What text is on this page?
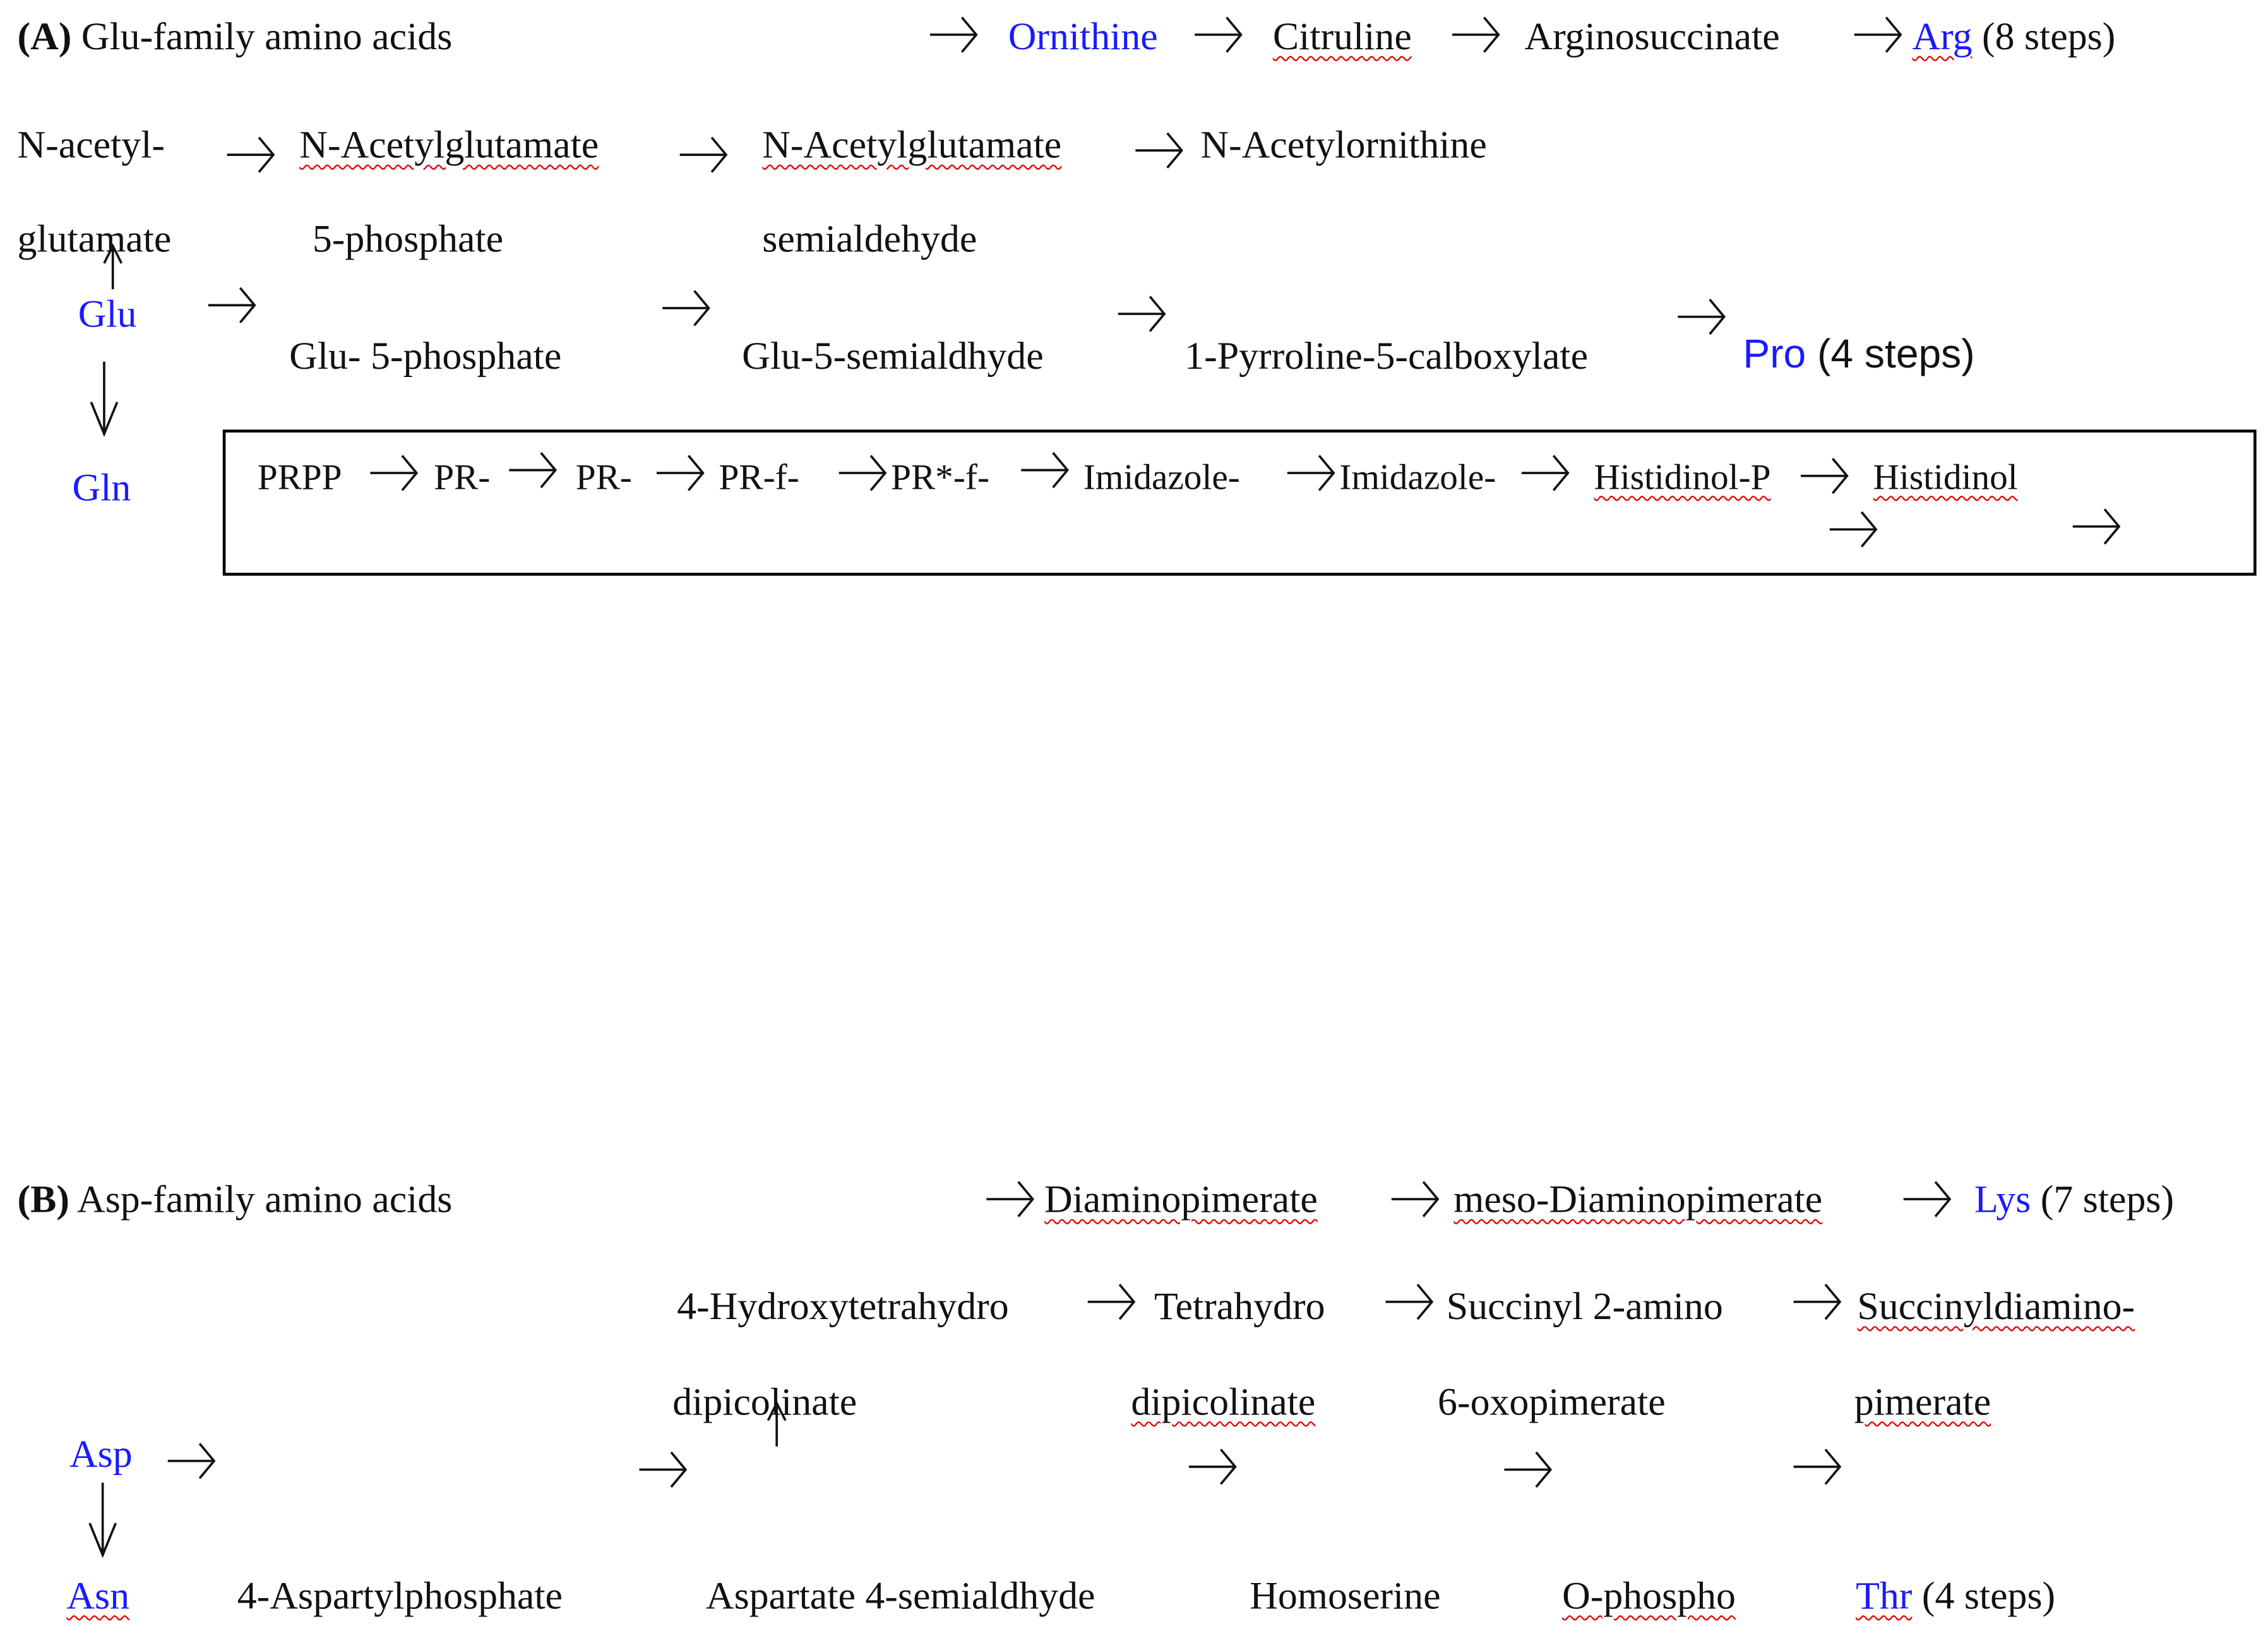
(A) Glu-family amino acids	Ornithine	Citruline	Arginosuccinate	Arg (8 steps)
N-acetyl-
glutamate
N-Acetylglutamate
5-phosphate
N-Acetylglutamate
semialdehyde
N-Acetylornithine
Glu
Gln
Glu- 5-phosphate	Glu-5-semialdhyde	1-Pyrroline-5-calboxylate	Pro (4 steps)
PRPP	PR-	PR-	PR-f-	PR*-f-	Imidazole-	Imidazole-	Histidinol-P	Histidinol
(B) Asp-family amino acids	Diaminopimerate	meso-Diaminopimerate	Lys (7 steps)
4-Hydroxytetrahydro	Tetrahydro	Succinyl 2-amino	Succinyldiamino-
dipicolinate	dipicolinate	6-oxopimerate	pimerate
Asp
Asn	4-Aspartylphosphate	Aspartate 4-semialdhyde	Homoserine	O-phospho	Thr (4 steps)
